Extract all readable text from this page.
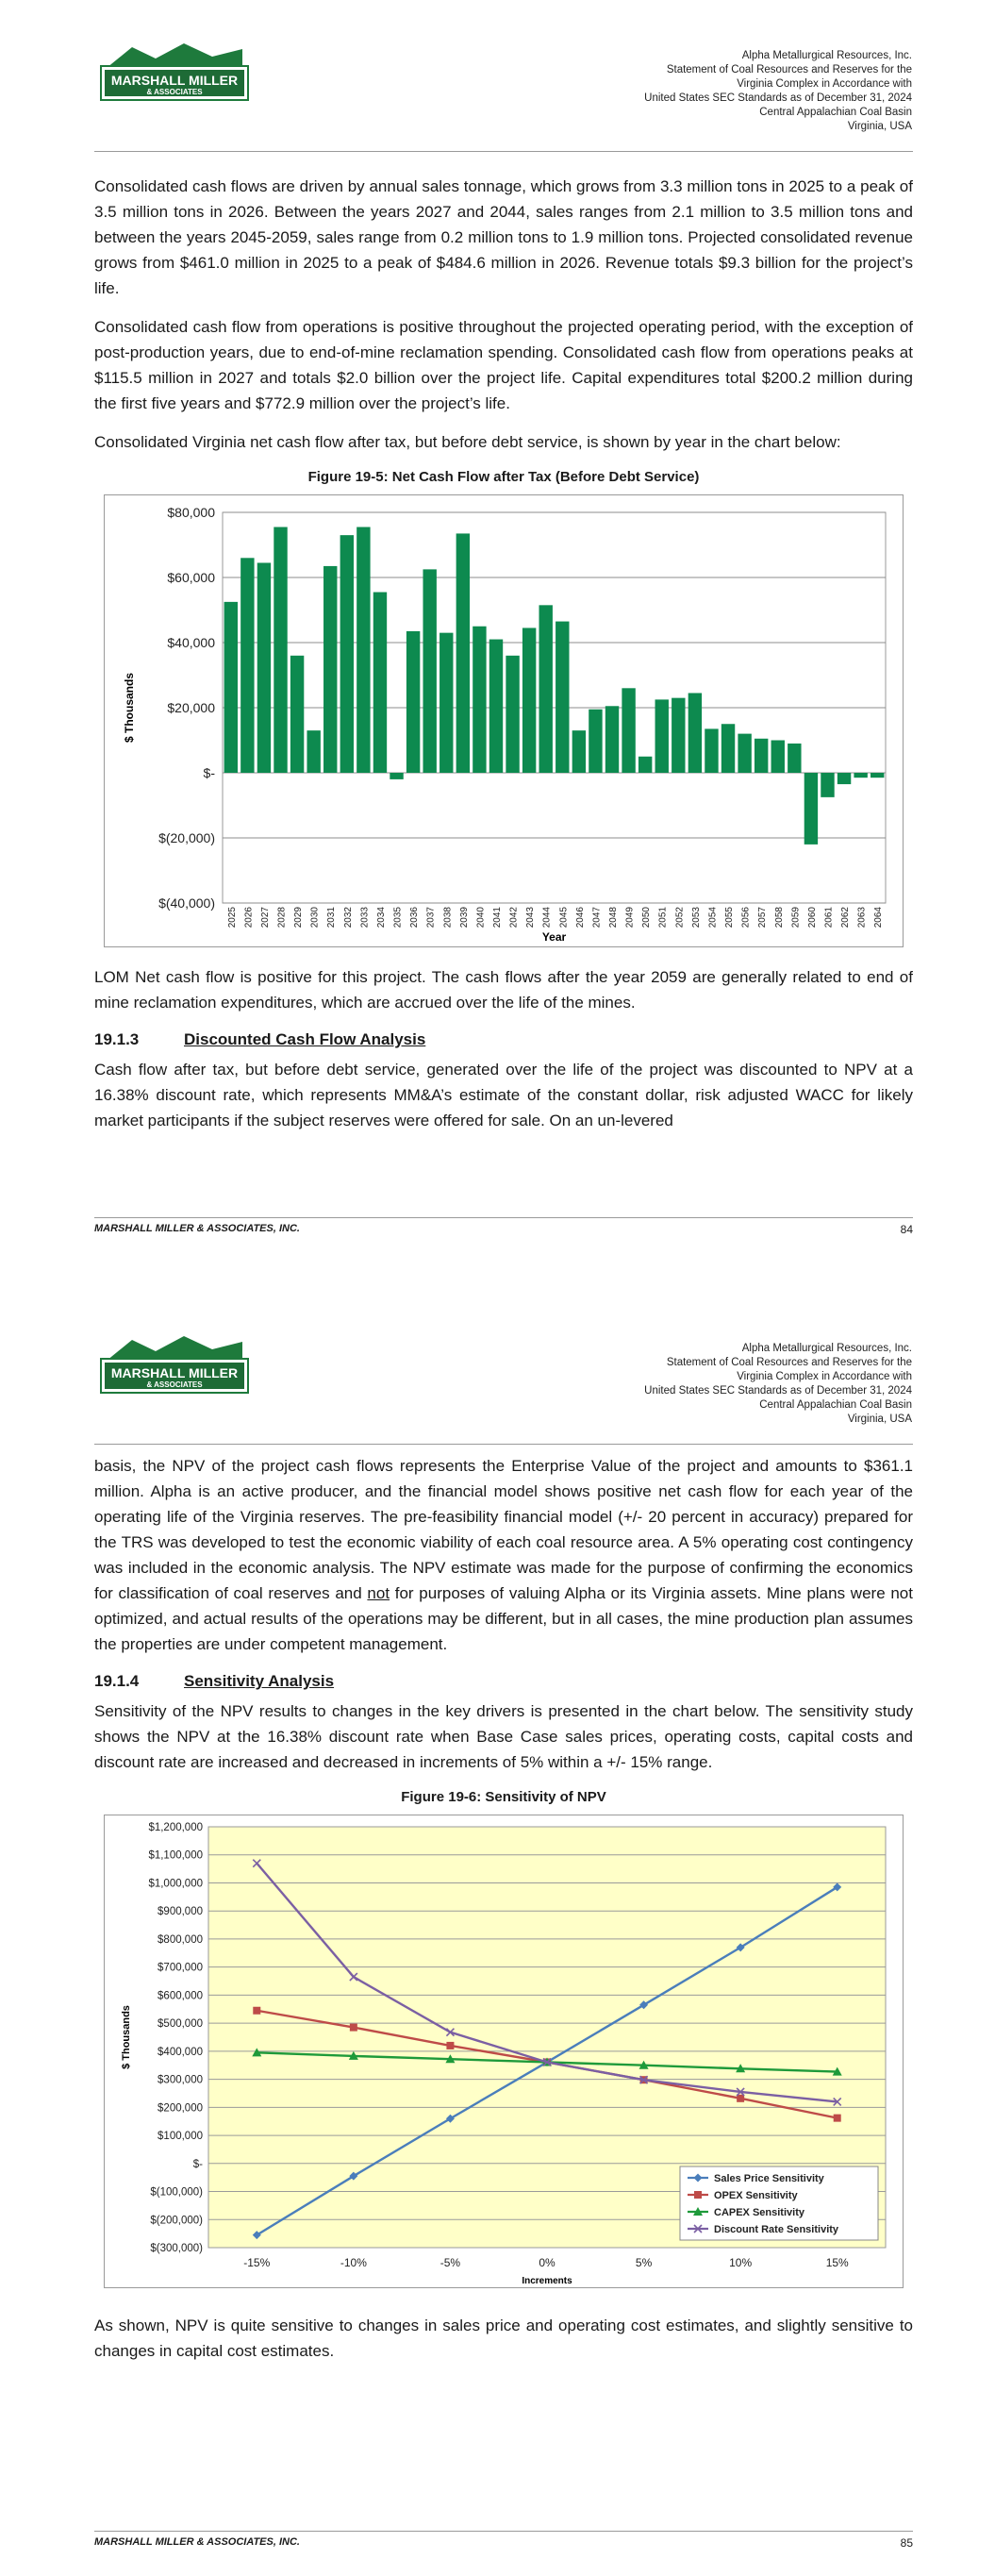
MARSHALL MILLER
& ASSOCIATES
Alpha Metallurgical Resources, Inc.
Statement of Coal Resources and Reserves for the
Virginia Complex in Accordance with
United States SEC Standards as of December 31, 2024
Central Appalachian Coal Basin
Virginia, USA

Consolidated cash flows are driven by annual sales tonnage, which grows from 3.3 million tons in 2025 to a peak of 3.5 million tons in 2026. Between the years 2027 and 2044, sales ranges from 2.1 million to 3.5 million tons and between the years 2045-2059, sales range from 0.2 million tons to 1.9 million tons. Projected consolidated revenue grows from $461.0 million in 2025 to a peak of $484.6 million in 2026. Revenue totals $9.3 billion for the project’s life.

Consolidated cash flow from operations is positive throughout the projected operating period, with the exception of post-production years, due to end-of-mine reclamation spending. Consolidated cash flow from operations peaks at $115.5 million in 2027 and totals $2.0 billion over the project life. Capital expenditures total $200.2 million during the first five years and $772.9 million over the project’s life.

Consolidated Virginia net cash flow after tax, but before debt service, is shown by year in the chart below:

Figure 19-5: Net Cash Flow after Tax (Before Debt Service)
$80,000
$60,000
$40,000
$20,000
$-
$(20,000)
$(40,000)
2025 2026 2027 2028 2029 2030 2031 2032 2033 2034 2035 2036 2037 2038 2039 2040 2041 2042 2043 2044 2045 2046 2047 2048 2049 2050 2051 2052 2053 2054 2055 2056 2057 2058 2059 2060 2061 2062 2063 2064
Year
$ Thousands

LOM Net cash flow is positive for this project. The cash flows after the year 2059 are generally related to end of mine reclamation expenditures, which are accrued over the life of the mines.

19.1.3	Discounted Cash Flow Analysis

Cash flow after tax, but before debt service, generated over the life of the project was discounted to NPV at a 16.38% discount rate, which represents MM&A’s estimate of the constant dollar, risk adjusted WACC for likely market participants if the subject reserves were offered for sale. On an un-levered

MARSHALL MILLER & ASSOCIATES, INC.	84
MARSHALL MILLER
& ASSOCIATES
Alpha Metallurgical Resources, Inc.
Statement of Coal Resources and Reserves for the
Virginia Complex in Accordance with
United States SEC Standards as of December 31, 2024
Central Appalachian Coal Basin
Virginia, USA

basis, the NPV of the project cash flows represents the Enterprise Value of the project and amounts to $361.1 million. Alpha is an active producer, and the financial model shows positive net cash flow for each year of the operating life of the Virginia reserves. The pre-feasibility financial model (+/- 20 percent in accuracy) prepared for the TRS was developed to test the economic viability of each coal resource area. A 5% operating cost contingency was included in the economic analysis. The NPV estimate was made for the purpose of confirming the economics for classification of coal reserves and not for purposes of valuing Alpha or its Virginia assets. Mine plans were not optimized, and actual results of the operations may be different, but in all cases, the mine production plan assumes the properties are under competent management.

19.1.4	Sensitivity Analysis

Sensitivity of the NPV results to changes in the key drivers is presented in the chart below. The sensitivity study shows the NPV at the 16.38% discount rate when Base Case sales prices, operating costs, capital costs and discount rate are increased and decreased in increments of 5% within a +/- 15% range.

Figure 19-6: Sensitivity of NPV
$1,200,000
$1,100,000
$1,000,000
$900,000
$800,000
$700,000
$600,000
$500,000
$400,000
$300,000
$200,000
$100,000
$-
$(100,000)
$(200,000)
$(300,000)
-15%	-10%	-5%	0%	5%	10%	15%
Increments
$ Thousands
Sales Price Sensitivity
OPEX Sensitivity
CAPEX Sensitivity
Discount Rate Sensitivity

As shown, NPV is quite sensitive to changes in sales price and operating cost estimates, and slightly sensitive to changes in capital cost estimates.

MARSHALL MILLER & ASSOCIATES, INC.	85
